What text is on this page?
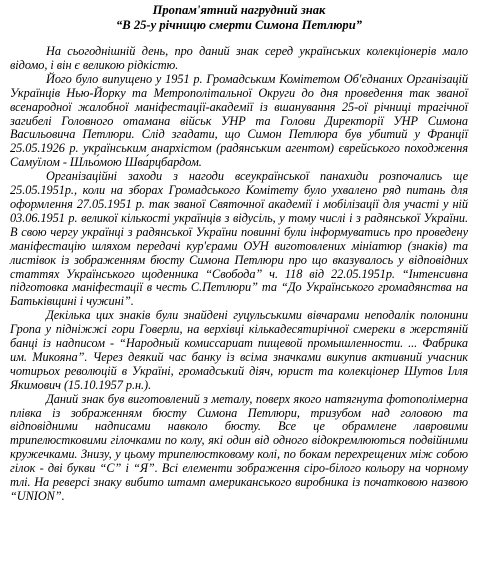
Пропам'ятний нагрудний знак

“В 25-у річницю смерти Симона Петлюри”

На сьогоднішній день, про даний знак серед українських колекціонерів мало відомо, і він є великою рідкістю.

Його було випущено у 1951 р. Громадським Комітетом Об'єднаних Організацій Українців Нью-Йорку та Метрополітальної Округи до дня проведення так званої всенародної жалобної маніфестації-академії із вшанування 25-ої річниці трагічної загибелі Головного отамана військ УНР та Голови Директорії УНР Симона Васильовича Петлюри. Слід згадати, що Симон Петлюра був убитий у Франції 25.05.1926 р. українським анархістом (радянським агентом) єврейського походження Самуїлом - Шльо́мою Шва́рцбардом.

Організаційні заходи з нагоди всеукраїнської панахиди розпочались ще 25.05.1951р., коли на зборах Громадського Комітету було ухвалено ряд питань для оформлення 27.05.1951 р. так званої Святочної академії і мобілізації для участі у ній 03.06.1951 р. великої кількості українців з відусіль, у тому числі і з радянської України. В свою чергу українці з радянської України повинні були інформуватись про проведену маніфестацію шляхом передачі кур'єрами ОУН виготовлених мініатюр (знаків) та листівок із зображенням бюсту Симона Петлюри про що вказувалось у відповідних статтях Українського щоденника “Свобода” ч. 118 від 22.05.1951р. “Інтенсивна підготовка маніфестації в честь С.Петлюри” та “До Українського громадянства на Батьківщині і чужині”.

Декілька цих знаків були знайдені гуцульськими вівчарами неподалік полонини Гропа у підніжжі гори Говерли, на верхівці кількадесятирічної смереки в жерстяній банці із надписом - “Народный комиссариат пищевой промышленности. ... Фабрика им. Микояна”. Через деякий час банку із всіма значками викупив активний учасник чотирьох революцій в Україні, громадський діяч, юрист та колекціонер Шутов Ілля Якимович (15.10.1957 р.н.).

Даний знак був виготовлений з металу, поверх якого натягнута фотополімерна плівка із зображенням бюсту Симона Петлюри, тризубом над головою та відповідними надписами навколо бюсту. Все це обрамлене лавровими трипелюстковими гілочками по колу, які один від одного відокремлюються подвійними кружечками. Знизу, у цьому трипелюстковому колі, по бокам перехрещених між собою гілок - дві букви “С” і “Я”. Всі елементи зображення сіро-білого кольору на чорному тлі. На реверсі знаку вибито штамп американського виробника із початковою назвою “UNION”.
